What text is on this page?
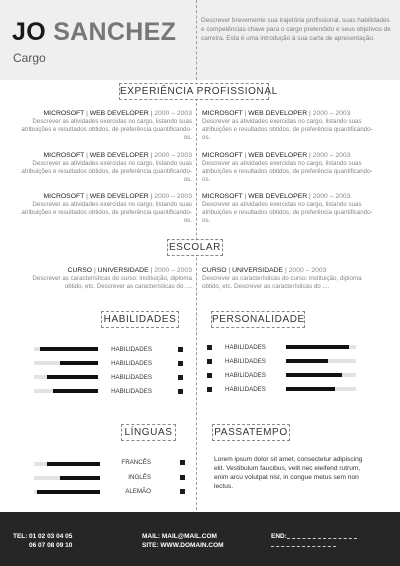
JO SANCHEZ
Cargo
Descrever brevemente sua trajetória profissional, suas habilidades e competências chave para o cargo pretendido e seus objetivos de carreira. Esta é uma introdução à sua carta de apresentação.
EXPERIÊNCIA PROFISSIONAL
MICROSOFT | WEB DEVELOPER | 2000 – 2003
Descrever as atividades exercidas no cargo, listando suas atribuições e resultados obtidos, de preferência quantificando-os.
MICROSOFT | WEB DEVELOPER | 2000 – 2003
Descrever as atividades exercidas no cargo, listando suas atribuições e resultados obtidos, de preferência quantificando-os.
MICROSOFT | WEB DEVELOPER | 2000 – 2003
Descrever as atividades exercidas no cargo, listando suas atribuições e resultados obtidos, de preferência quantificando-os.
MICROSOFT | WEB DEVELOPER | 2000 – 2003
Descrever as atividades exercidas no cargo, listando suas atribuições e resultados obtidos, de preferência quantificando-os.
MICROSOFT | WEB DEVELOPER | 2000 – 2003
Descrever as atividades exercidas no cargo, listando suas atribuições e resultados obtidos, de preferência quantificando-os.
MICROSOFT | WEB DEVELOPER | 2000 – 2003
Descrever as atividades exercidas no cargo, listando suas atribuições e resultados obtidos, de preferência quantificando-os.
ESCOLAR
CURSO | UNIVERSIDADE | 2000 – 2003
Descrever as características do curso: instituição, diploma obtido, etc. Descrever as características do ....
CURSO | UNIVERSIDADE | 2000 – 2003
Descrever as características do curso: instituição, diploma obtido, etc. Descrever as características do ....
HABILIDADES
HABILIDADES
HABILIDADES
HABILIDADES
HABILIDADES
PERSONALIDADE
HABILIDADES
HABILIDADES
HABILIDADES
HABILIDADES
LÍNGUAS
FRANCÊS
INGLÊS
ALEMÃO
PASSATEMPO
Lorem ipsum dolor sit amet, consectetur adipiscing elit. Vestibulum faucibus, velit nec eleifend rutrum, enim arcu volutpat nisl, in congue metus sem non lectus.
TEL: 01 02 03 04 05
06 07 08 09 10
MAIL: MAIL@MAIL.COM
SITE: WWW.DOMAIN.COM
END:
